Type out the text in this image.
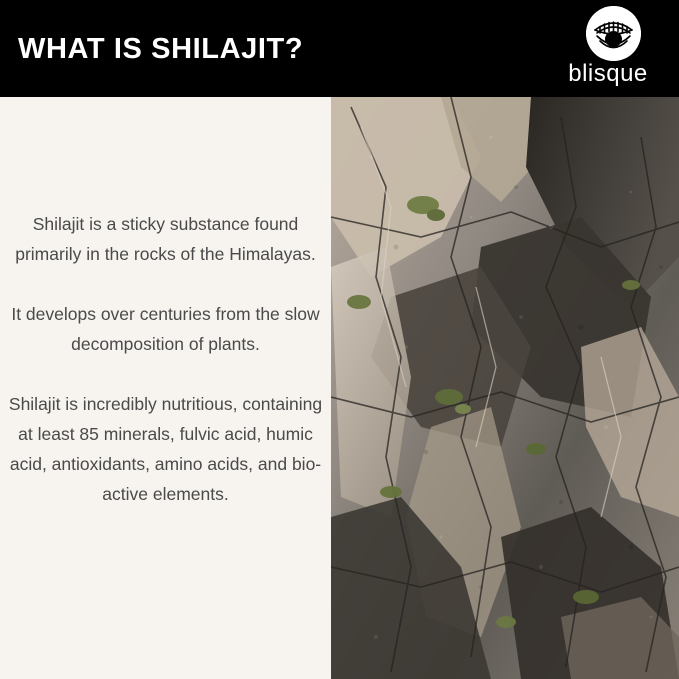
WHAT IS SHILAJIT?
blisque

Shilajit is a sticky substance found primarily in the rocks of the Himalayas.

It develops over centuries from the slow decomposition of plants.

Shilajit is incredibly nutritious, containing at least 85 minerals, fulvic acid, humic acid, antioxidants, amino acids, and bio-active elements.
